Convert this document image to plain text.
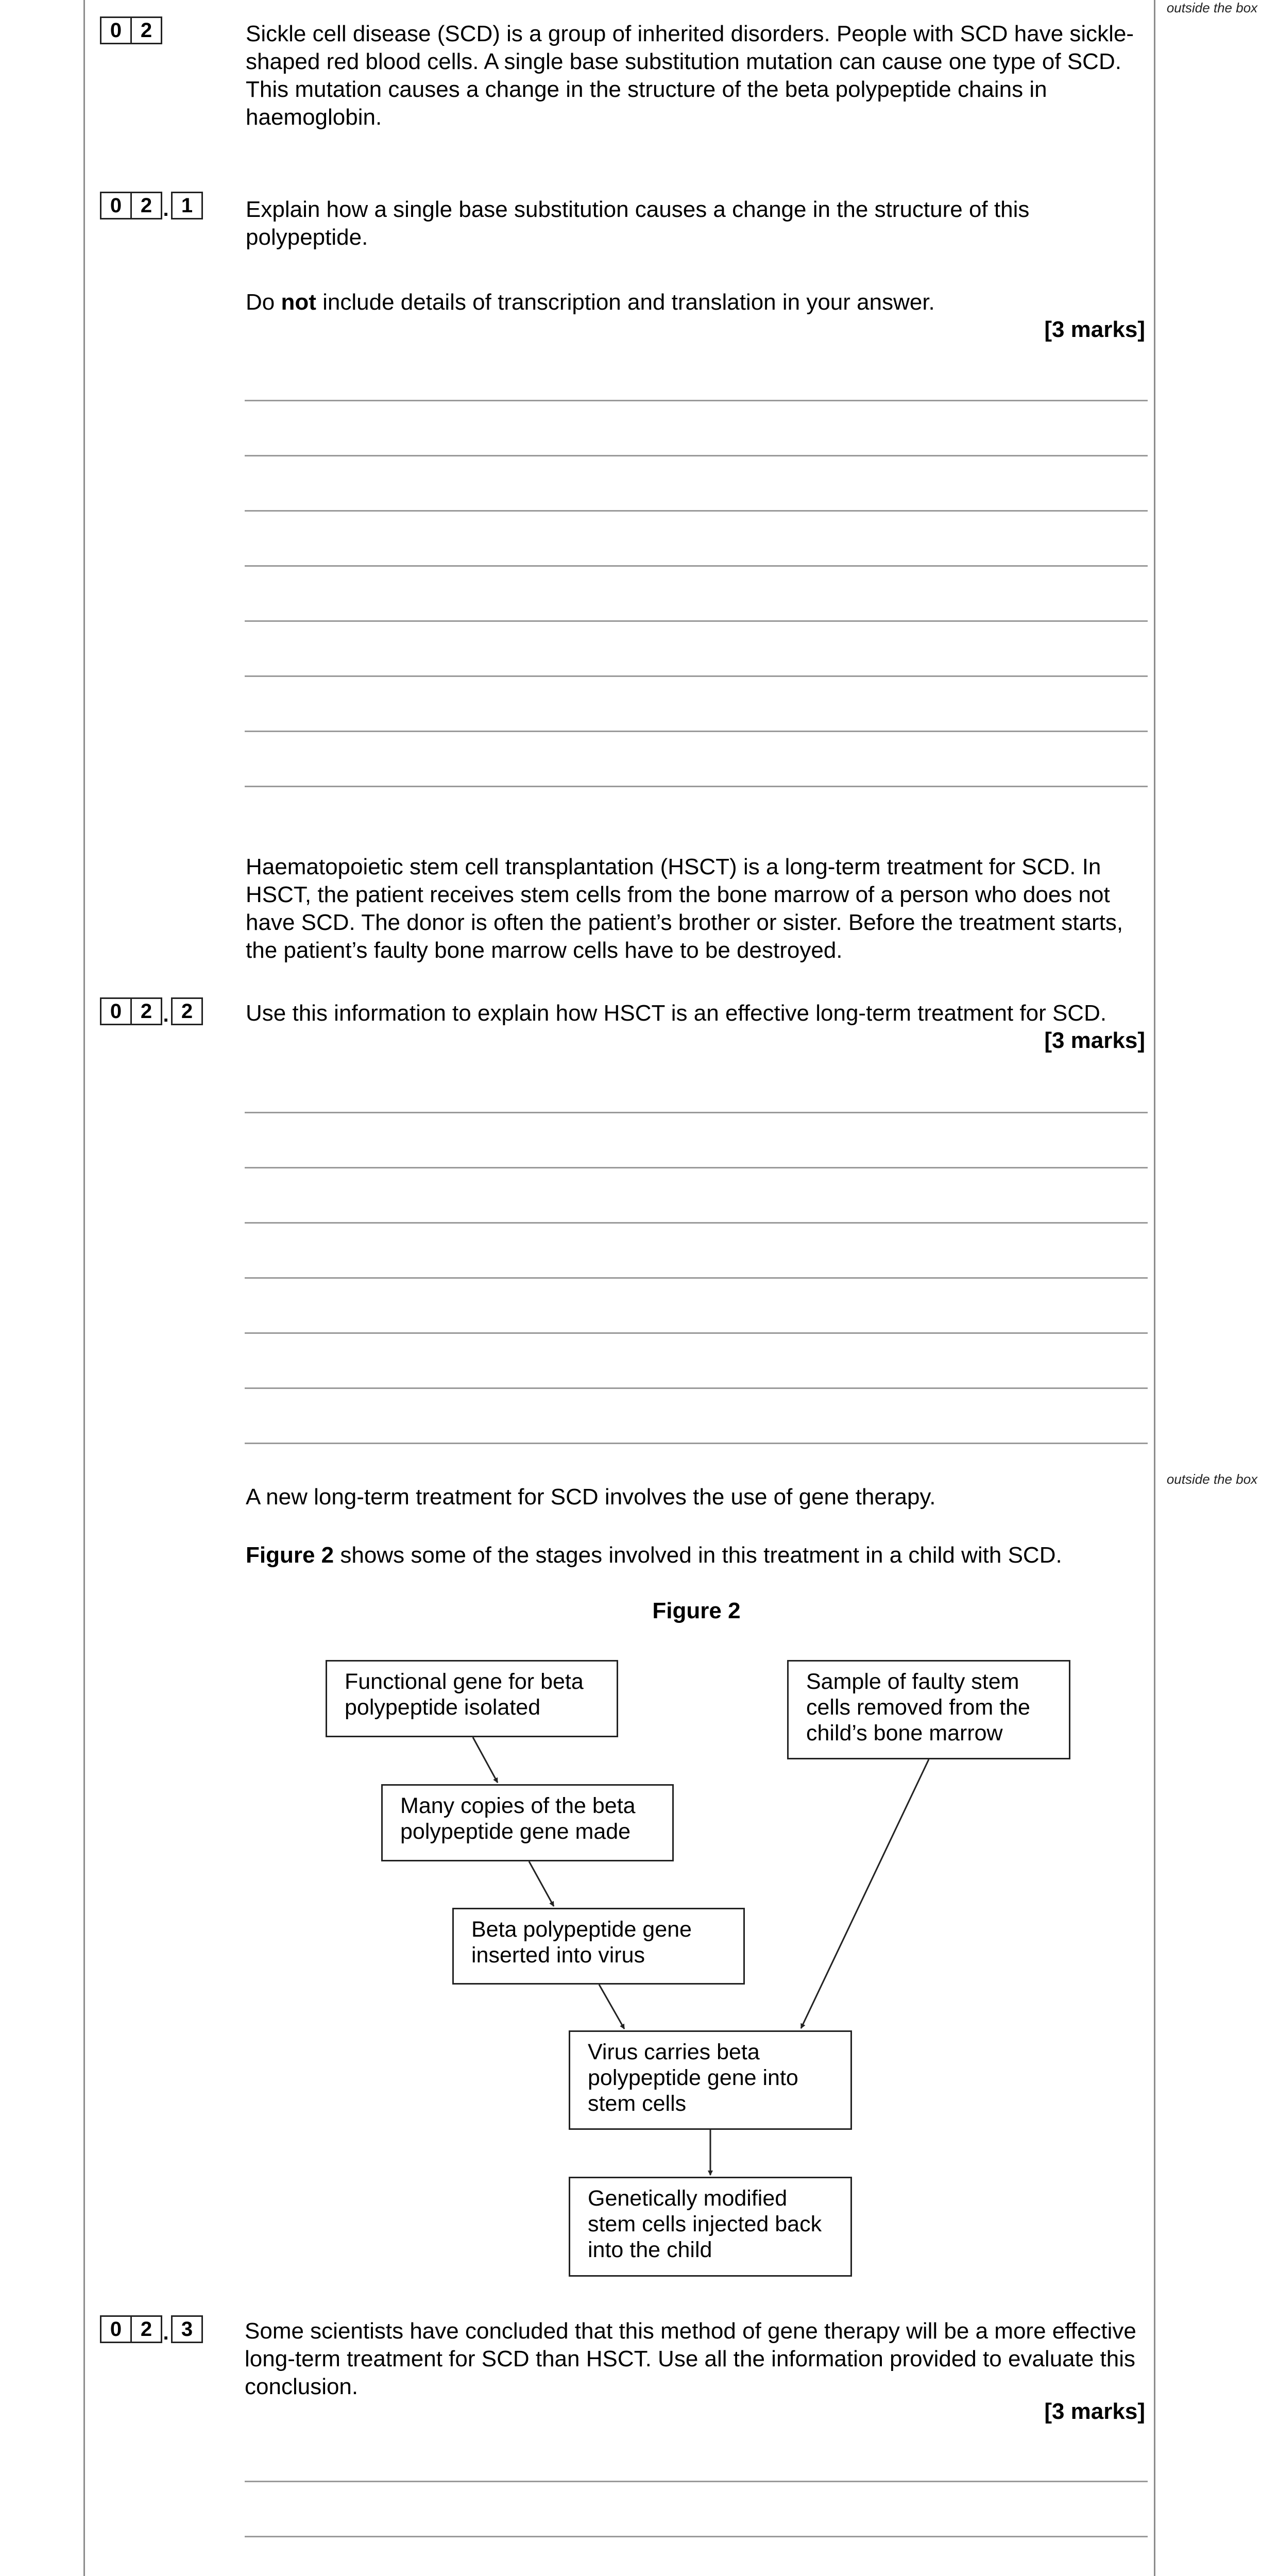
outside the box
outside the box
0 2	Sickle cell disease (SCD) is a group of inherited disorders. People with SCD have sickle-shaped red blood cells. A single base substitution mutation can cause one type of SCD. This mutation causes a change in the structure of the beta polypeptide chains in haemoglobin.
0 2 . 1	Explain how a single base substitution causes a change in the structure of this polypeptide.
Do not include details of transcription and translation in your answer.
[3 marks]
Haematopoietic stem cell transplantation (HSCT) is a long-term treatment for SCD. In HSCT, the patient receives stem cells from the bone marrow of a person who does not have SCD. The donor is often the patient’s brother or sister. Before the treatment starts, the patient’s faulty bone marrow cells have to be destroyed.
0 2 . 2	Use this information to explain how HSCT is an effective long-term treatment for SCD.
[3 marks]
A new long-term treatment for SCD involves the use of gene therapy.
Figure 2 shows some of the stages involved in this treatment in a child with SCD.
Figure 2
Functional gene for beta polypeptide isolated
Many copies of the beta polypeptide gene made
Beta polypeptide gene inserted into virus
Sample of faulty stem cells removed from the child’s bone marrow
Virus carries beta polypeptide gene into stem cells
Genetically modified stem cells injected back into the child
0 2 . 3	Some scientists have concluded that this method of gene therapy will be a more effective long-term treatment for SCD than HSCT. Use all the information provided to evaluate this conclusion.
[3 marks]
